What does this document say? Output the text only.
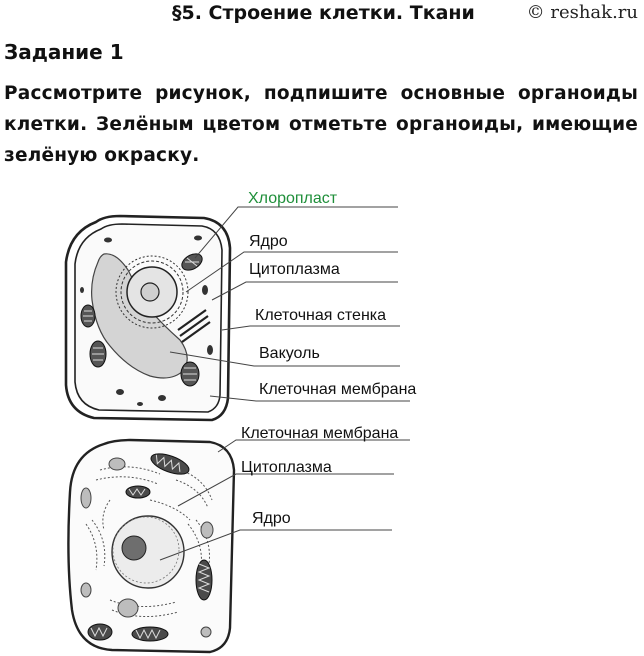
§5. Строение клетки. Ткани	© reshak.ru
Задание 1
Рассмотрите рисунок, подпишите основные органоиды клетки. Зелёным цветом отметьте органоиды, имеющие зелёную окраску.
Хлоропласт
Ядро
Цитоплазма
Клеточная стенка
Вакуоль
Клеточная мембрана
Клеточная мембрана
Цитоплазма
Ядро
